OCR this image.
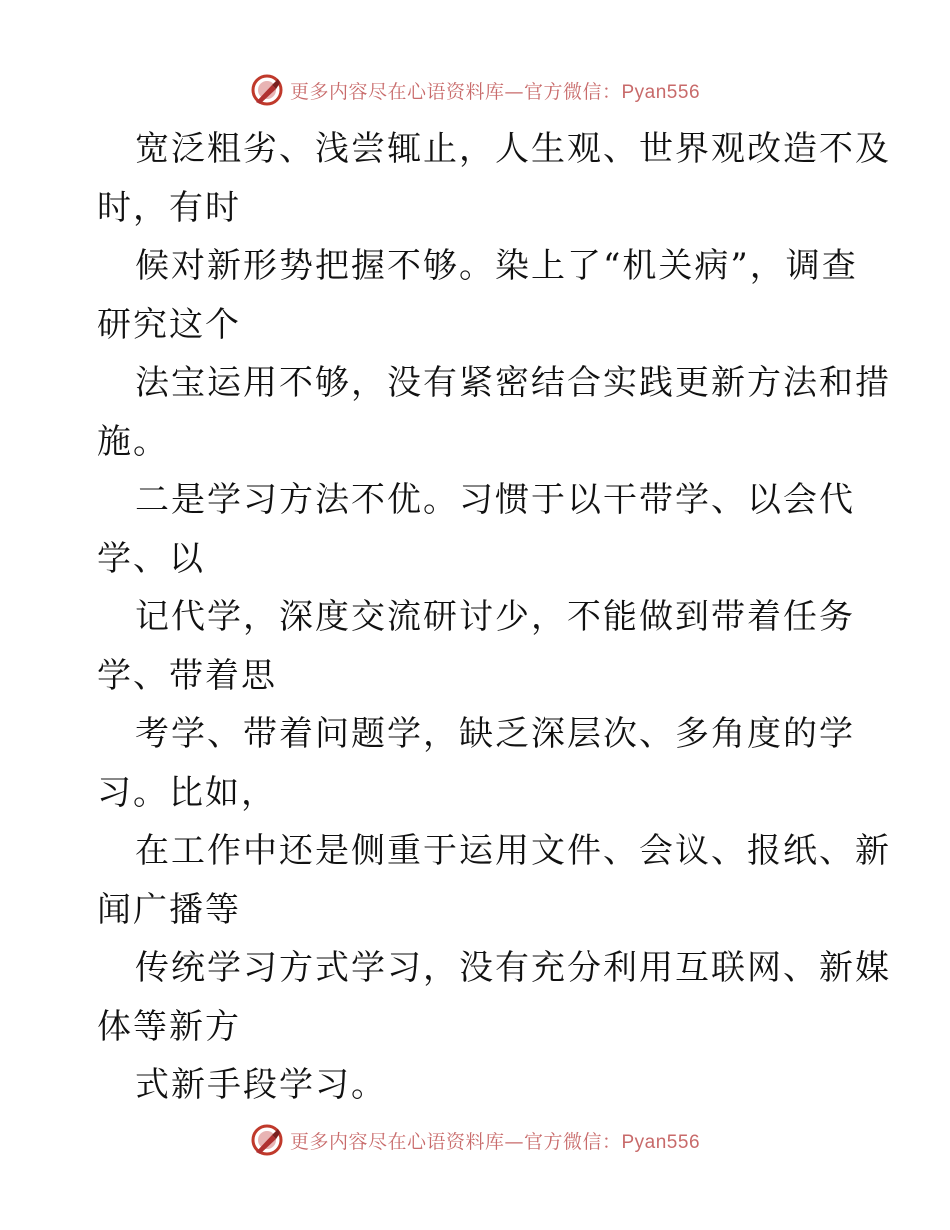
更多内容尽在心语资料库—官方微信：Pyan556
宽泛粗劣、浅尝辄止，人生观、世界观改造不及
时，有时
候对新形势把握不够。染上了“机关病”，调查
研究这个
法宝运用不够，没有紧密结合实践更新方法和措
施。
二是学习方法不优。习惯于以干带学、以会代
学、以
记代学，深度交流研讨少，不能做到带着任务
学、带着思
考学、带着问题学，缺乏深层次、多角度的学
习。比如，
在工作中还是侧重于运用文件、会议、报纸、新
闻广播等
传统学习方式学习，没有充分利用互联网、新媒
体等新方
式新手段学习。
更多内容尽在心语资料库—官方微信：Pyan556
